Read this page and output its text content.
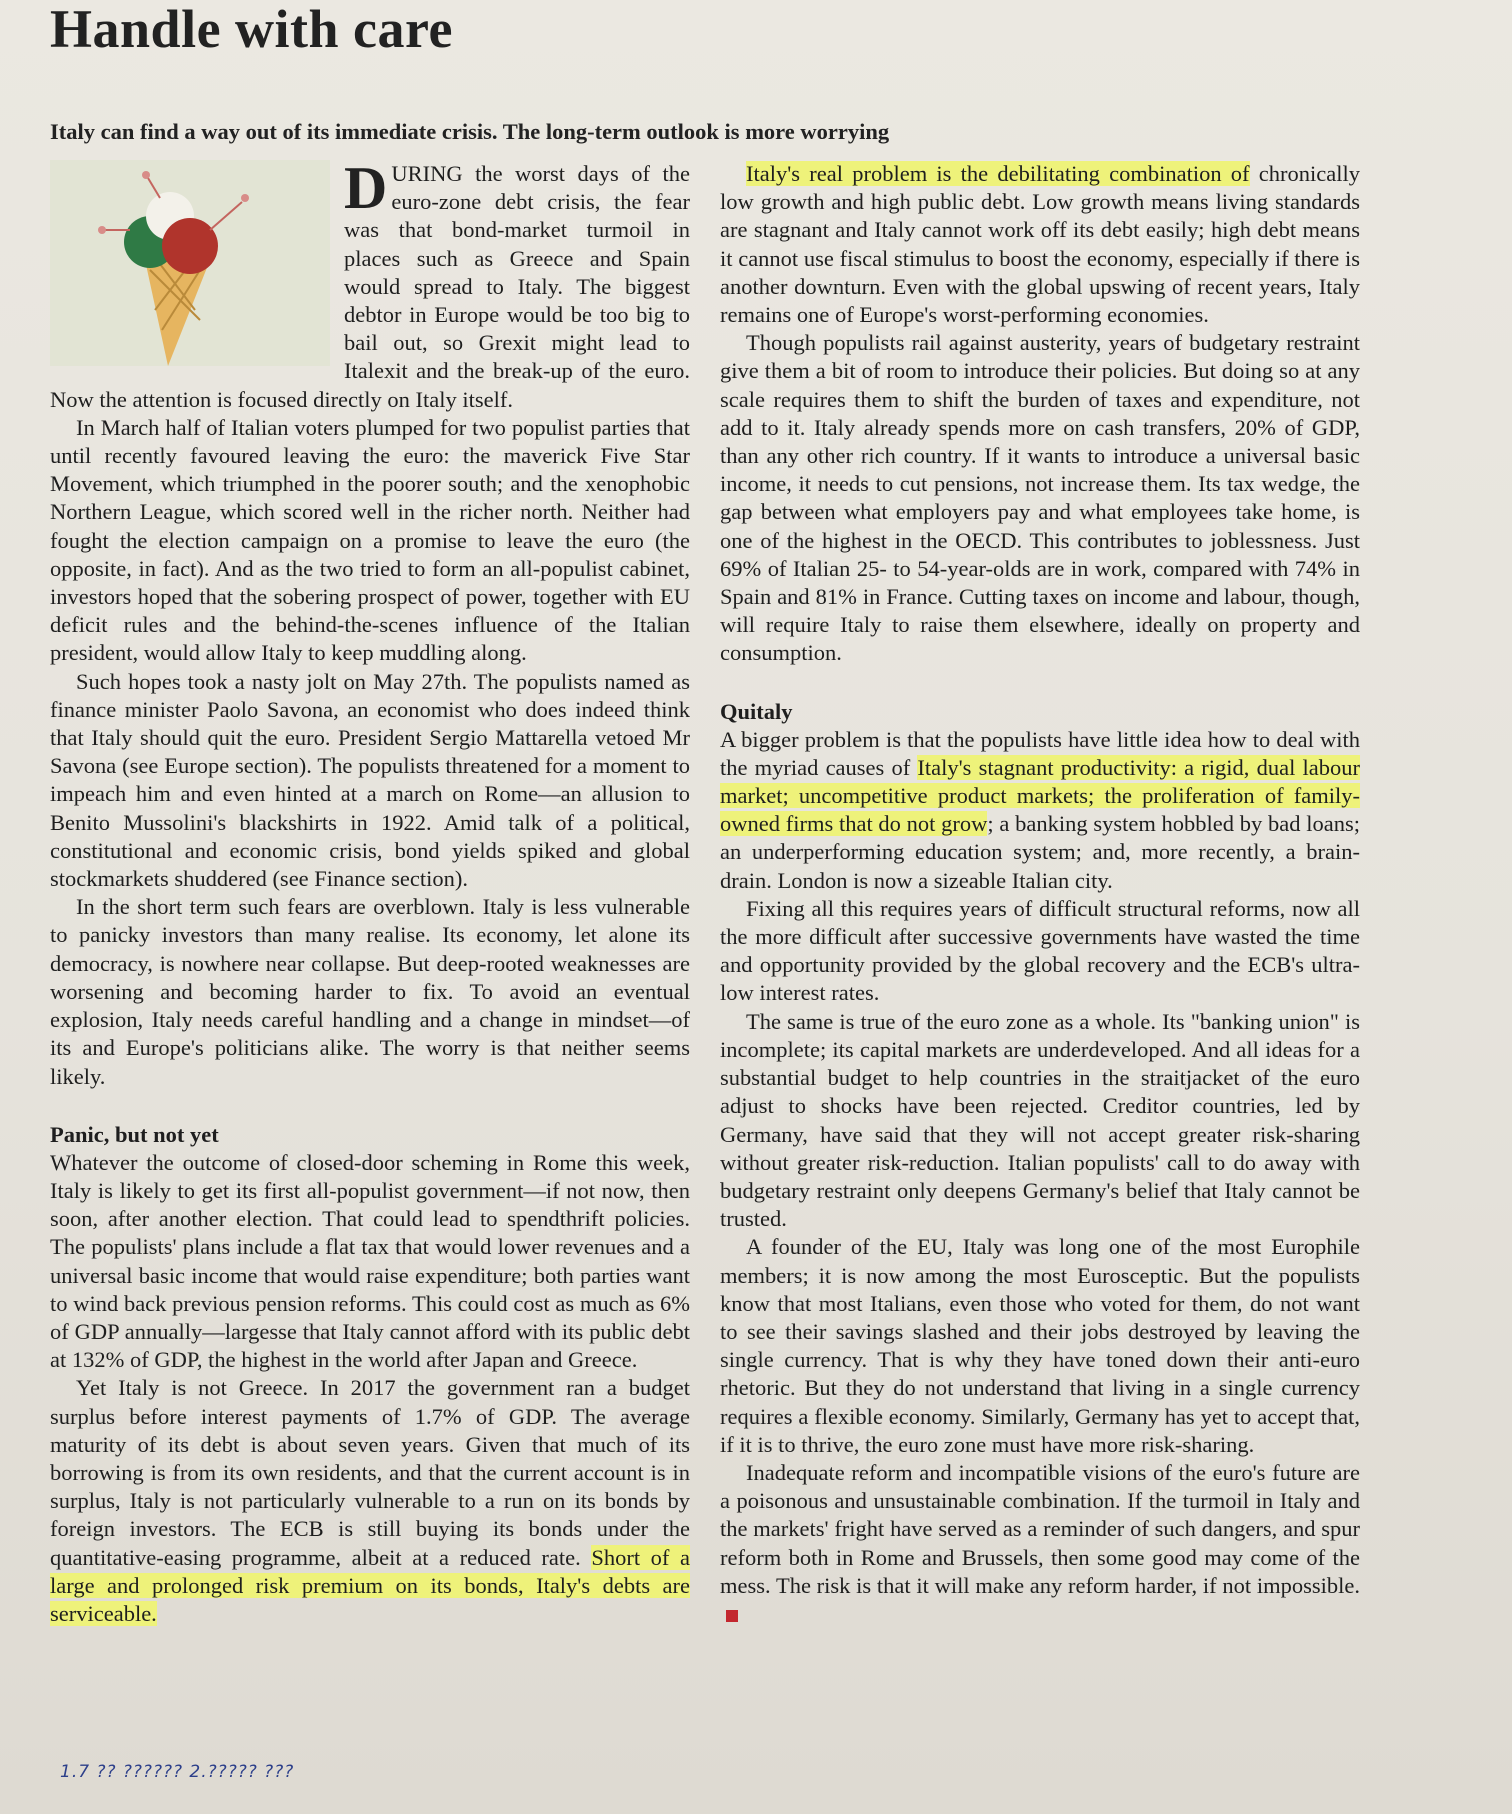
Handle with care
Italy can find a way out of its immediate crisis. The long-term outlook is more worrying

DURING the worst days of the euro-zone debt crisis, the fear was that bond-market turmoil in places such as Greece and Spain would spread to Italy. The biggest debtor in Europe would be too big to bail out, so Grexit might lead to Italexit and the break-up of the euro. Now the attention is focused directly on Italy itself.

In March half of Italian voters plumped for two populist parties that until recently favoured leaving the euro: the maverick Five Star Movement, which triumphed in the poorer south; and the xenophobic Northern League, which scored well in the richer north. Neither had fought the election campaign on a promise to leave the euro (the opposite, in fact). And as the two tried to form an all-populist cabinet, investors hoped that the sobering prospect of power, together with EU deficit rules and the behind-the-scenes influence of the Italian president, would allow Italy to keep muddling along.

Such hopes took a nasty jolt on May 27th. The populists named as finance minister Paolo Savona, an economist who does indeed think that Italy should quit the euro. President Sergio Mattarella vetoed Mr Savona (see Europe section). The populists threatened for a moment to impeach him and even hinted at a march on Rome—an allusion to Benito Mussolini's blackshirts in 1922. Amid talk of a political, constitutional and economic crisis, bond yields spiked and global stockmarkets shuddered (see Finance section).

In the short term such fears are overblown. Italy is less vulnerable to panicky investors than many realise. Its economy, let alone its democracy, is nowhere near collapse. But deep-rooted weaknesses are worsening and becoming harder to fix. To avoid an eventual explosion, Italy needs careful handling and a change in mindset—of its and Europe's politicians alike. The worry is that neither seems likely.

Panic, but not yet

Whatever the outcome of closed-door scheming in Rome this week, Italy is likely to get its first all-populist government—if not now, then soon, after another election. That could lead to spendthrift policies. The populists' plans include a flat tax that would lower revenues and a universal basic income that would raise expenditure; both parties want to wind back previous pension reforms. This could cost as much as 6% of GDP annually—largesse that Italy cannot afford with its public debt at 132% of GDP, the highest in the world after Japan and Greece.

Yet Italy is not Greece. In 2017 the government ran a budget surplus before interest payments of 1.7% of GDP. The average maturity of its debt is about seven years. Given that much of its borrowing is from its own residents, and that the current account is in surplus, Italy is not particularly vulnerable to a run on its bonds by foreign investors. The ECB is still buying its bonds under the quantitative-easing programme, albeit at a reduced rate. Short of a large and prolonged risk premium on its bonds, Italy's debts are serviceable.

Italy's real problem is the debilitating combination of chronically low growth and high public debt. Low growth means living standards are stagnant and Italy cannot work off its debt easily; high debt means it cannot use fiscal stimulus to boost the economy, especially if there is another downturn. Even with the global upswing of recent years, Italy remains one of Europe's worst-performing economies.

Though populists rail against austerity, years of budgetary restraint give them a bit of room to introduce their policies. But doing so at any scale requires them to shift the burden of taxes and expenditure, not add to it. Italy already spends more on cash transfers, 20% of GDP, than any other rich country. If it wants to introduce a universal basic income, it needs to cut pensions, not increase them. Its tax wedge, the gap between what employers pay and what employees take home, is one of the highest in the OECD. This contributes to joblessness. Just 69% of Italian 25- to 54-year-olds are in work, compared with 74% in Spain and 81% in France. Cutting taxes on income and labour, though, will require Italy to raise them elsewhere, ideally on property and consumption.

Quitaly

A bigger problem is that the populists have little idea how to deal with the myriad causes of Italy's stagnant productivity: a rigid, dual labour market; uncompetitive product markets; the proliferation of family-owned firms that do not grow; a banking system hobbled by bad loans; an underperforming education system; and, more recently, a brain-drain. London is now a sizeable Italian city.

Fixing all this requires years of difficult structural reforms, now all the more difficult after successive governments have wasted the time and opportunity provided by the global recovery and the ECB's ultra-low interest rates.

The same is true of the euro zone as a whole. Its "banking union" is incomplete; its capital markets are underdeveloped. And all ideas for a substantial budget to help countries in the straitjacket of the euro adjust to shocks have been rejected. Creditor countries, led by Germany, have said that they will not accept greater risk-sharing without greater risk-reduction. Italian populists' call to do away with budgetary restraint only deepens Germany's belief that Italy cannot be trusted.

A founder of the EU, Italy was long one of the most Europhile members; it is now among the most Eurosceptic. But the populists know that most Italians, even those who voted for them, do not want to see their savings slashed and their jobs destroyed by leaving the single currency. That is why they have toned down their anti-euro rhetoric. But they do not understand that living in a single currency requires a flexible economy. Similarly, Germany has yet to accept that, if it is to thrive, the euro zone must have more risk-sharing.

Inadequate reform and incompatible visions of the euro's future are a poisonous and unsustainable combination. If the turmoil in Italy and the markets' fright have served as a reminder of such dangers, and spur reform both in Rome and Brussels, then some good may come of the mess. The risk is that it will make any reform harder, if not impossible.

1.7 ?? ?????? 2.????? ???
